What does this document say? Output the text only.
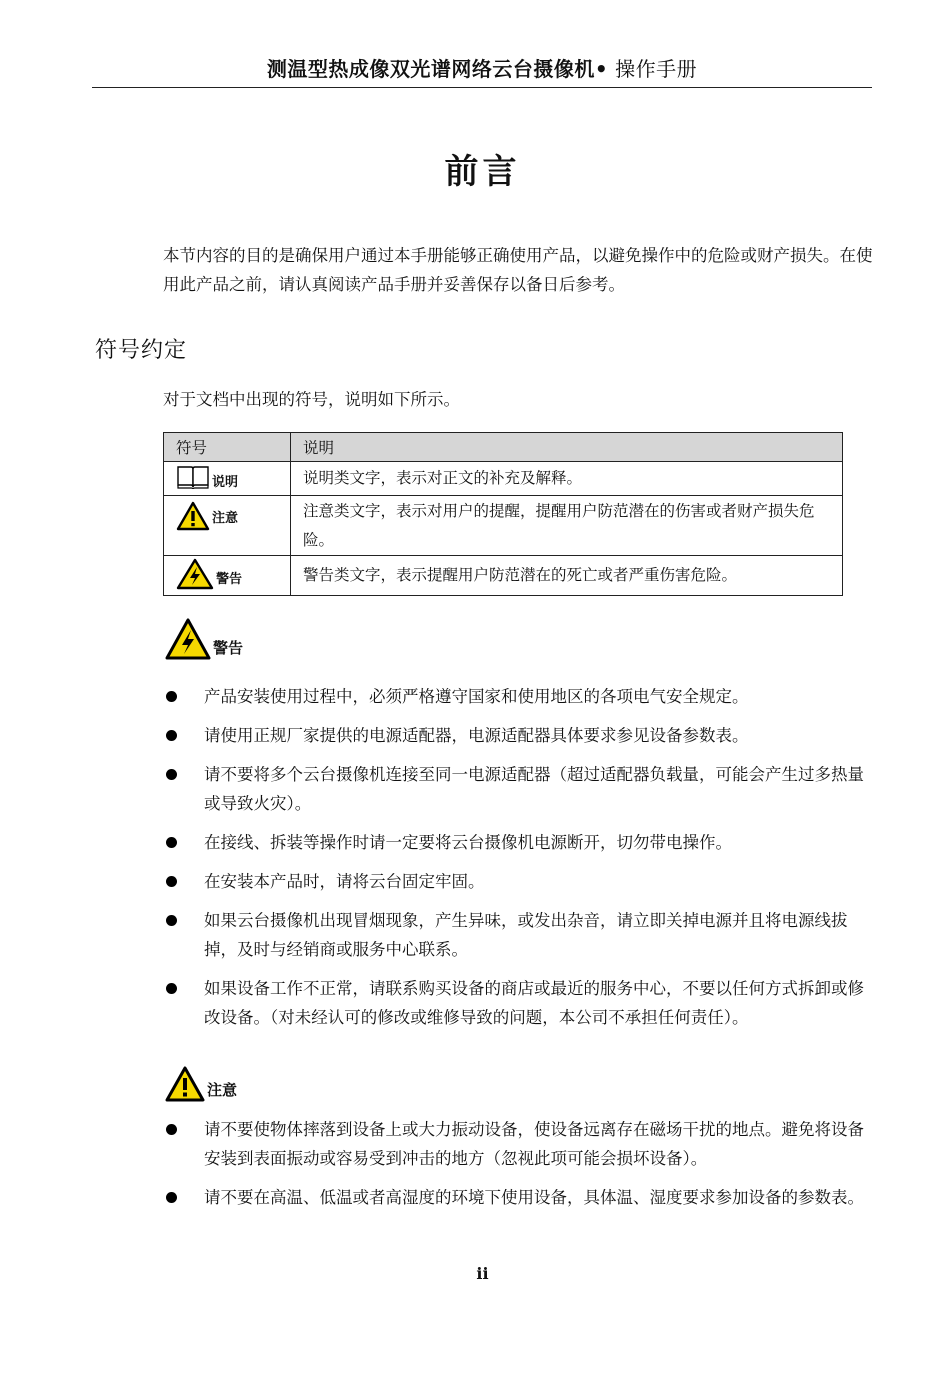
测温型热成像双光谱网络云台摄像机• 操作手册
前言
本节内容的目的是确保用户通过本手册能够正确使用产品，以避免操作中的危险或财产损失。在使用此产品之前，请认真阅读产品手册并妥善保存以备日后参考。
符号约定
对于文档中出现的符号，说明如下所示。
符号	说明

说明	说明类文字，表示对正文的补充及解释。

注意	注意类文字，表示对用户的提醒，提醒用户防范潜在的伤害或者财产损失危险。

警告	警告类文字，表示提醒用户防范潜在的死亡或者严重伤害危险。
警告
产品安装使用过程中，必须严格遵守国家和使用地区的各项电气安全规定。
请使用正规厂家提供的电源适配器，电源适配器具体要求参见设备参数表。
请不要将多个云台摄像机连接至同一电源适配器（超过适配器负载量，可能会产生过多热量或导致火灾）。
在接线、拆装等操作时请一定要将云台摄像机电源断开，切勿带电操作。
在安装本产品时，请将云台固定牢固。
如果云台摄像机出现冒烟现象，产生异味，或发出杂音，请立即关掉电源并且将电源线拔掉，及时与经销商或服务中心联系。
如果设备工作不正常，请联系购买设备的商店或最近的服务中心，不要以任何方式拆卸或修改设备。（对未经认可的修改或维修导致的问题，本公司不承担任何责任）。
注意
请不要使物体摔落到设备上或大力振动设备，使设备远离存在磁场干扰的地点。避免将设备安装到表面振动或容易受到冲击的地方（忽视此项可能会损坏设备）。
请不要在高温、低温或者高湿度的环境下使用设备，具体温、湿度要求参加设备的参数表。
ii
